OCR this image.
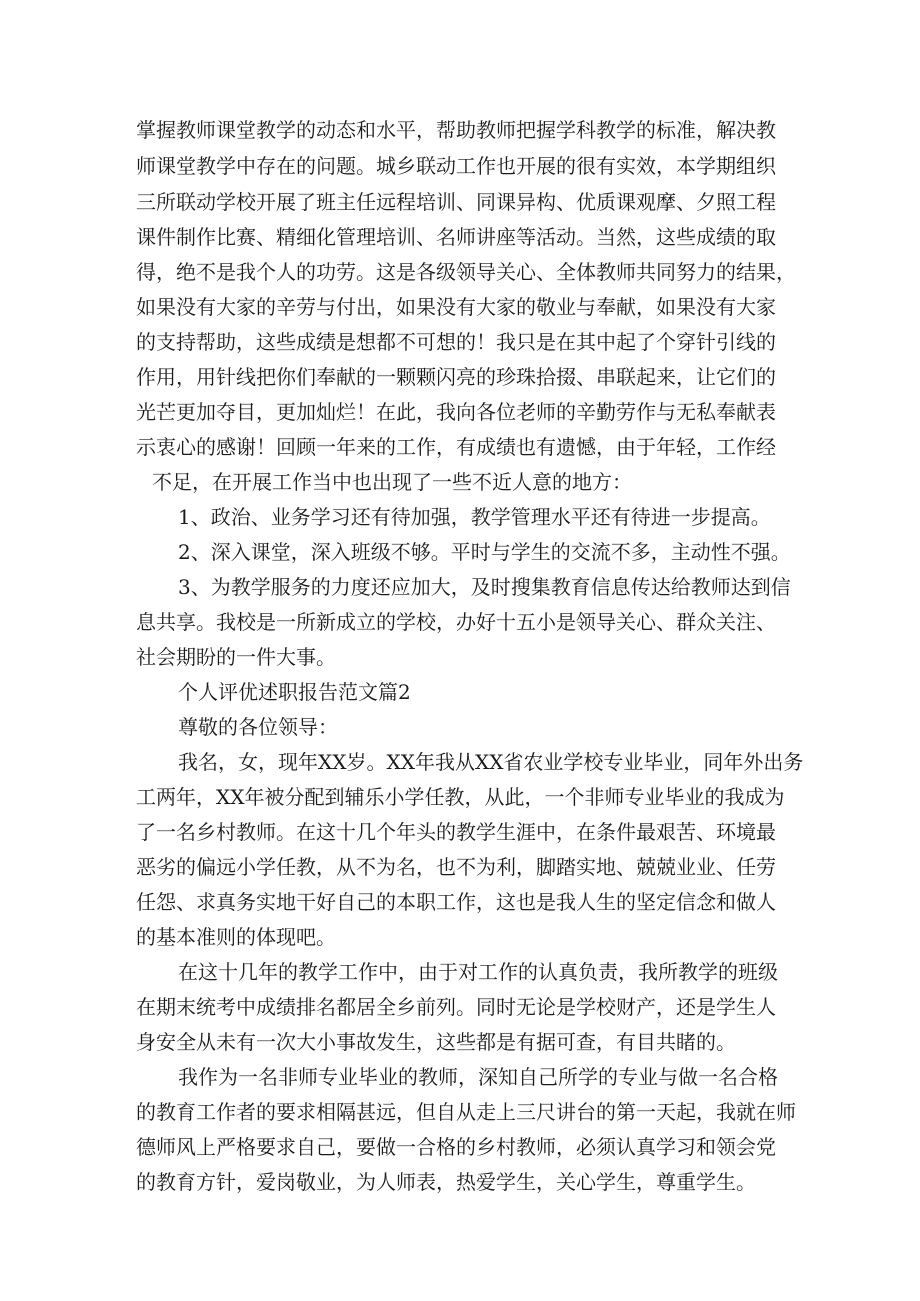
掌握教师课堂教学的动态和水平，帮助教师把握学科教学的标准，解决教
师课堂教学中存在的问题。城乡联动工作也开展的很有实效，本学期组织
三所联动学校开展了班主任远程培训、同课异构、优质课观摩、夕照工程
课件制作比赛、精细化管理培训、名师讲座等活动。当然，这些成绩的取
得，绝不是我个人的功劳。这是各级领导关心、全体教师共同努力的结果，
如果没有大家的辛劳与付出，如果没有大家的敬业与奉献，如果没有大家
的支持帮助，这些成绩是想都不可想的！我只是在其中起了个穿针引线的
作用，用针线把你们奉献的一颗颗闪亮的珍珠拾掇、串联起来，让它们的
光芒更加夺目，更加灿烂！在此，我向各位老师的辛勤劳作与无私奉献表
示衷心的感谢！回顾一年来的工作，有成绩也有遗憾，由于年轻，工作经
不足，在开展工作当中也出现了一些不近人意的地方：
1、政治、业务学习还有待加强，教学管理水平还有待进一步提高。
2、深入课堂，深入班级不够。平时与学生的交流不多，主动性不强。
3、为教学服务的力度还应加大，及时搜集教育信息传达给教师达到信
息共享。我校是一所新成立的学校，办好十五小是领导关心、群众关注、
社会期盼的一件大事。
个人评优述职报告范文篇2
尊敬的各位领导：
我名，女，现年XX岁。XX年我从XX省农业学校专业毕业，同年外出务
工两年，XX年被分配到辅乐小学任教，从此，一个非师专业毕业的我成为
了一名乡村教师。在这十几个年头的教学生涯中，在条件最艰苦、环境最
恶劣的偏远小学任教，从不为名，也不为利，脚踏实地、兢兢业业、任劳
任怨、求真务实地干好自己的本职工作，这也是我人生的坚定信念和做人
的基本准则的体现吧。
在这十几年的教学工作中，由于对工作的认真负责，我所教学的班级
在期末统考中成绩排名都居全乡前列。同时无论是学校财产，还是学生人
身安全从未有一次大小事故发生，这些都是有据可查，有目共睹的。
我作为一名非师专业毕业的教师，深知自己所学的专业与做一名合格
的教育工作者的要求相隔甚远，但自从走上三尺讲台的第一天起，我就在师
德师风上严格要求自己，要做一合格的乡村教师，必须认真学习和领会党
的教育方针，爱岗敬业，为人师表，热爱学生，关心学生，尊重学生。
